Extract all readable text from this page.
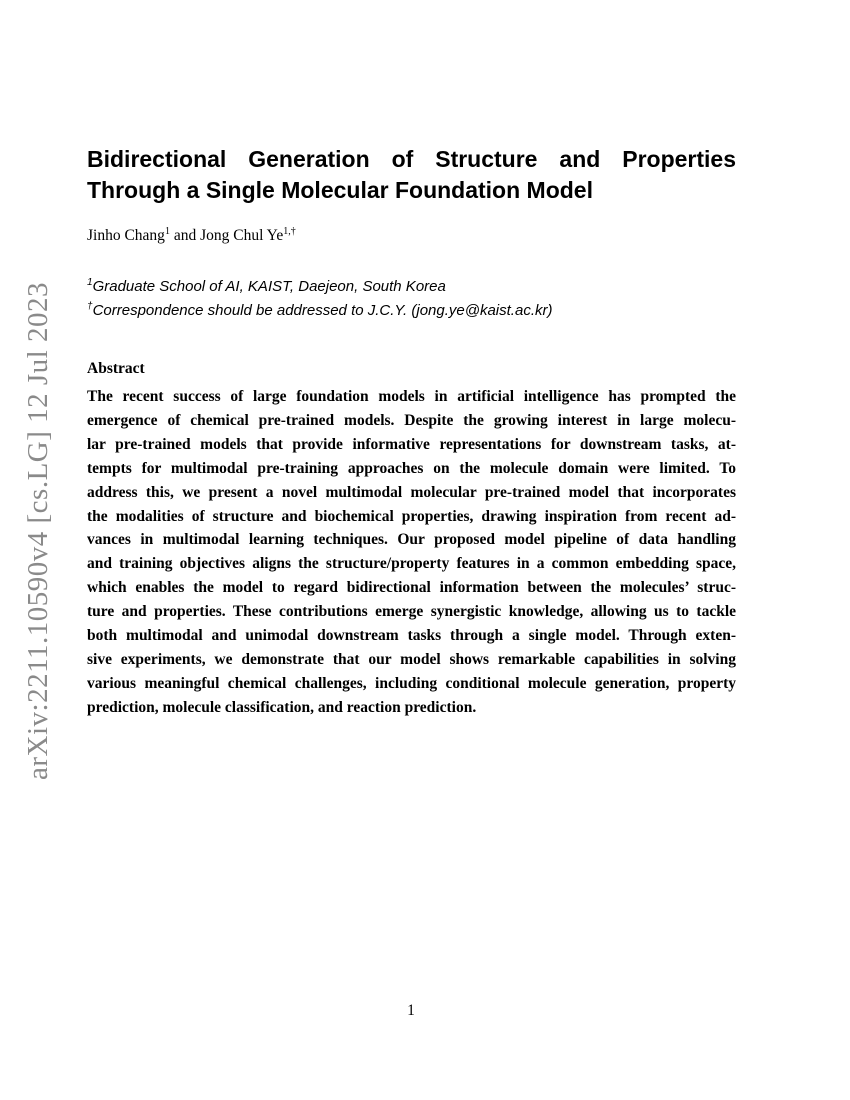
arXiv:2211.10590v4 [cs.LG] 12 Jul 2023
Bidirectional Generation of Structure and Properties
Through a Single Molecular Foundation Model
Jinho Chang$^1$ and Jong Chul $Ye^{1,\dagger}$
$^1$Graduate School of AI, KAIST, Daejeon, South Korea
†Correspondence should be addressed to J.C.Y. (jong.ye@kaist.ac.kr)
Abstract
The recent success of large foundation models in artificial intelligence has prompted the
emergence of chemical pre-trained models. Despite the growing interest in large molecu-
lar pre-trained models that provide informative representations for downstream tasks, at-
tempts for multimodal pre-training approaches on the molecule domain were limited. To
address this, we present a novel multimodal molecular pre-trained model that incorporates
the modalities of structure and biochemical properties, drawing inspiration from recent ad-
vances in multimodal learning techniques. Our proposed model pipeline of data handling
and training objectives aligns the structure/property features in a common embedding space,
which enables the model to regard bidirectional information between the molecules’ struc-
ture and properties. These contributions emerge synergistic knowledge, allowing us to tackle
both multimodal and unimodal downstream tasks through a single model. Through exten-
sive experiments, we demonstrate that our model shows remarkable capabilities in solving
various meaningful chemical challenges, including conditional molecule generation, property
prediction, molecule classification, and reaction prediction.
1
